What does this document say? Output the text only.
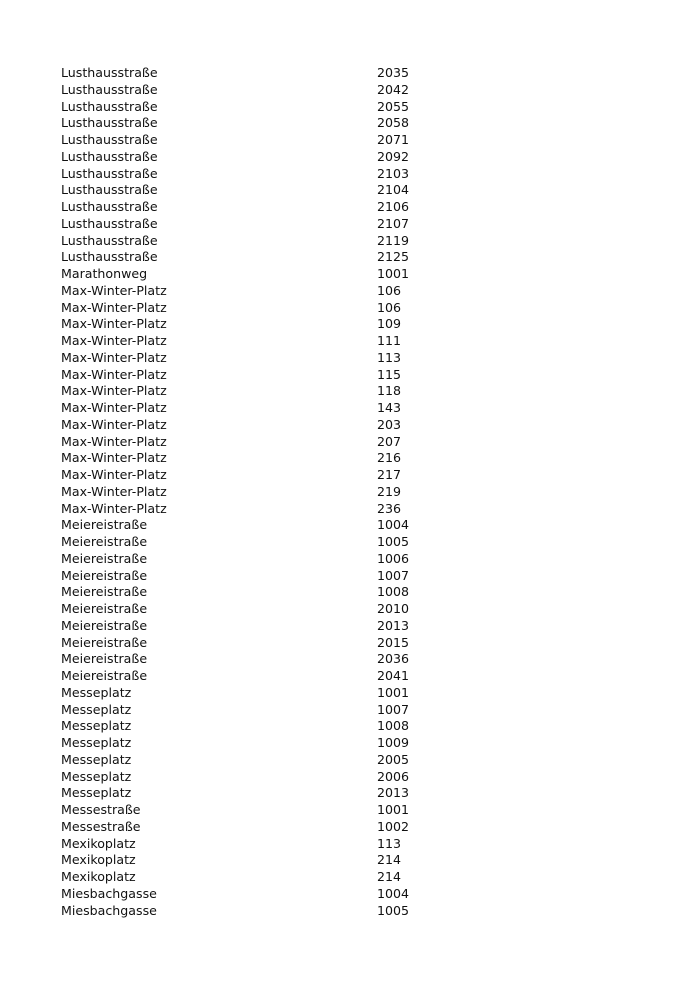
Lusthausstraße	2035
Lusthausstraße	2042
Lusthausstraße	2055
Lusthausstraße	2058
Lusthausstraße	2071
Lusthausstraße	2092
Lusthausstraße	2103
Lusthausstraße	2104
Lusthausstraße	2106
Lusthausstraße	2107
Lusthausstraße	2119
Lusthausstraße	2125
Marathonweg	1001
Max-Winter-Platz	106
Max-Winter-Platz	106
Max-Winter-Platz	109
Max-Winter-Platz	111
Max-Winter-Platz	113
Max-Winter-Platz	115
Max-Winter-Platz	118
Max-Winter-Platz	143
Max-Winter-Platz	203
Max-Winter-Platz	207
Max-Winter-Platz	216
Max-Winter-Platz	217
Max-Winter-Platz	219
Max-Winter-Platz	236
Meiereistraße	1004
Meiereistraße	1005
Meiereistraße	1006
Meiereistraße	1007
Meiereistraße	1008
Meiereistraße	2010
Meiereistraße	2013
Meiereistraße	2015
Meiereistraße	2036
Meiereistraße	2041
Messeplatz	1001
Messeplatz	1007
Messeplatz	1008
Messeplatz	1009
Messeplatz	2005
Messeplatz	2006
Messeplatz	2013
Messestraße	1001
Messestraße	1002
Mexikoplatz	113
Mexikoplatz	214
Mexikoplatz	214
Miesbachgasse	1004
Miesbachgasse	1005
